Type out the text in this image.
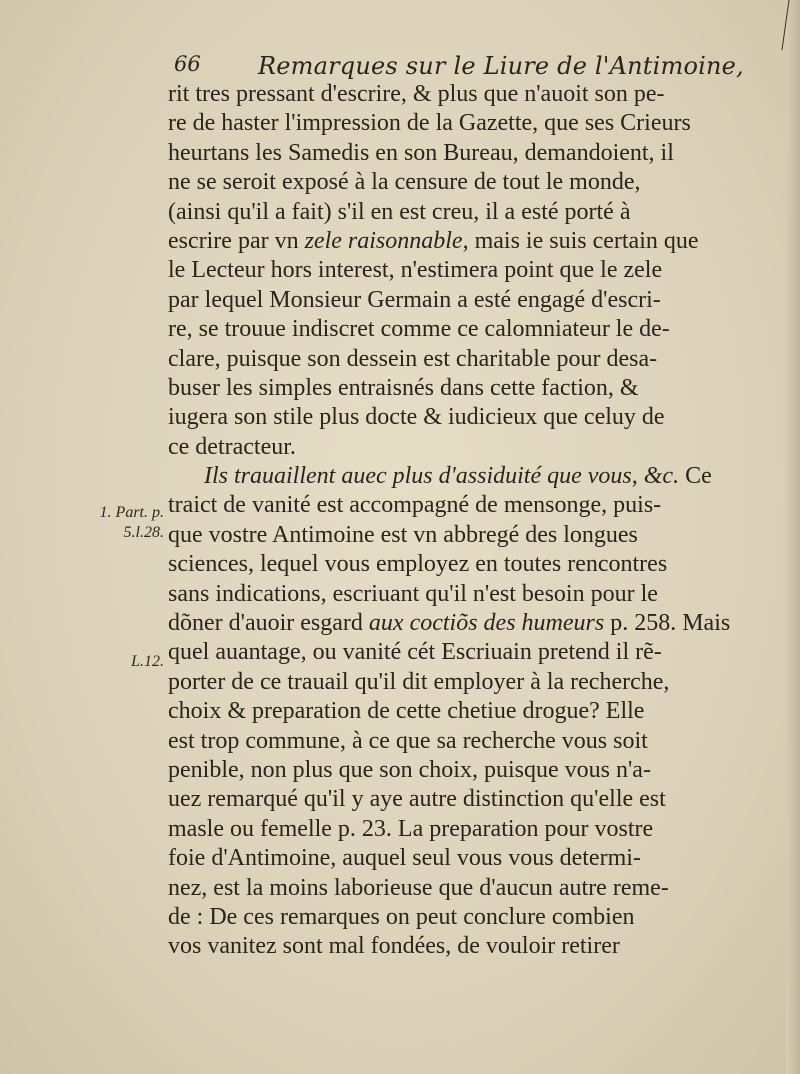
66 Remarques sur le Liure de l'Antimoine,
1. Part. p.
5.l.28.
L.12.
rit tres pressant d'escrire, & plus que n'auoit son pe-
re de haster l'impression de la Gazette, que ses Crieurs
heurtans les Samedis en son Bureau, demandoient, il
ne se seroit exposé à la censure de tout le monde,
(ainsi qu'il a fait) s'il en est creu, il a esté porté à
escrire par vn zele raisonnable, mais ie suis certain que
le Lecteur hors interest, n'estimera point que le zele
par lequel Monsieur Germain a esté engagé d'escri-
re, se trouue indiscret comme ce calomniateur le de-
clare, puisque son dessein est charitable pour desa-
buser les simples entraisnés dans cette faction, &
iugera son stile plus docte & iudicieux que celuy de
ce detracteur.
Ils trauaillent auec plus d'assiduité que vous, &c. Ce
traict de vanité est accompagné de mensonge, puis-
que vostre Antimoine est vn abbregé des longues
sciences, lequel vous employez en toutes rencontres
sans indications, escriuant qu'il n'est besoin pour le
dõner d'auoir esgard aux coctiõs des humeurs p. 258. Mais
quel auantage, ou vanité cét Escriuain pretend il rẽ-
porter de ce trauail qu'il dit employer à la recherche,
choix & preparation de cette chetiue drogue? Elle
est trop commune, à ce que sa recherche vous soit
penible, non plus que son choix, puisque vous n'a-
uez remarqué qu'il y aye autre distinction qu'elle est
masle ou femelle p. 23. La preparation pour vostre
foie d'Antimoine, auquel seul vous vous determi-
nez, est la moins laborieuse que d'aucun autre reme-
de : De ces remarques on peut conclure combien
vos vanitez sont mal fondées, de vouloir retirer
